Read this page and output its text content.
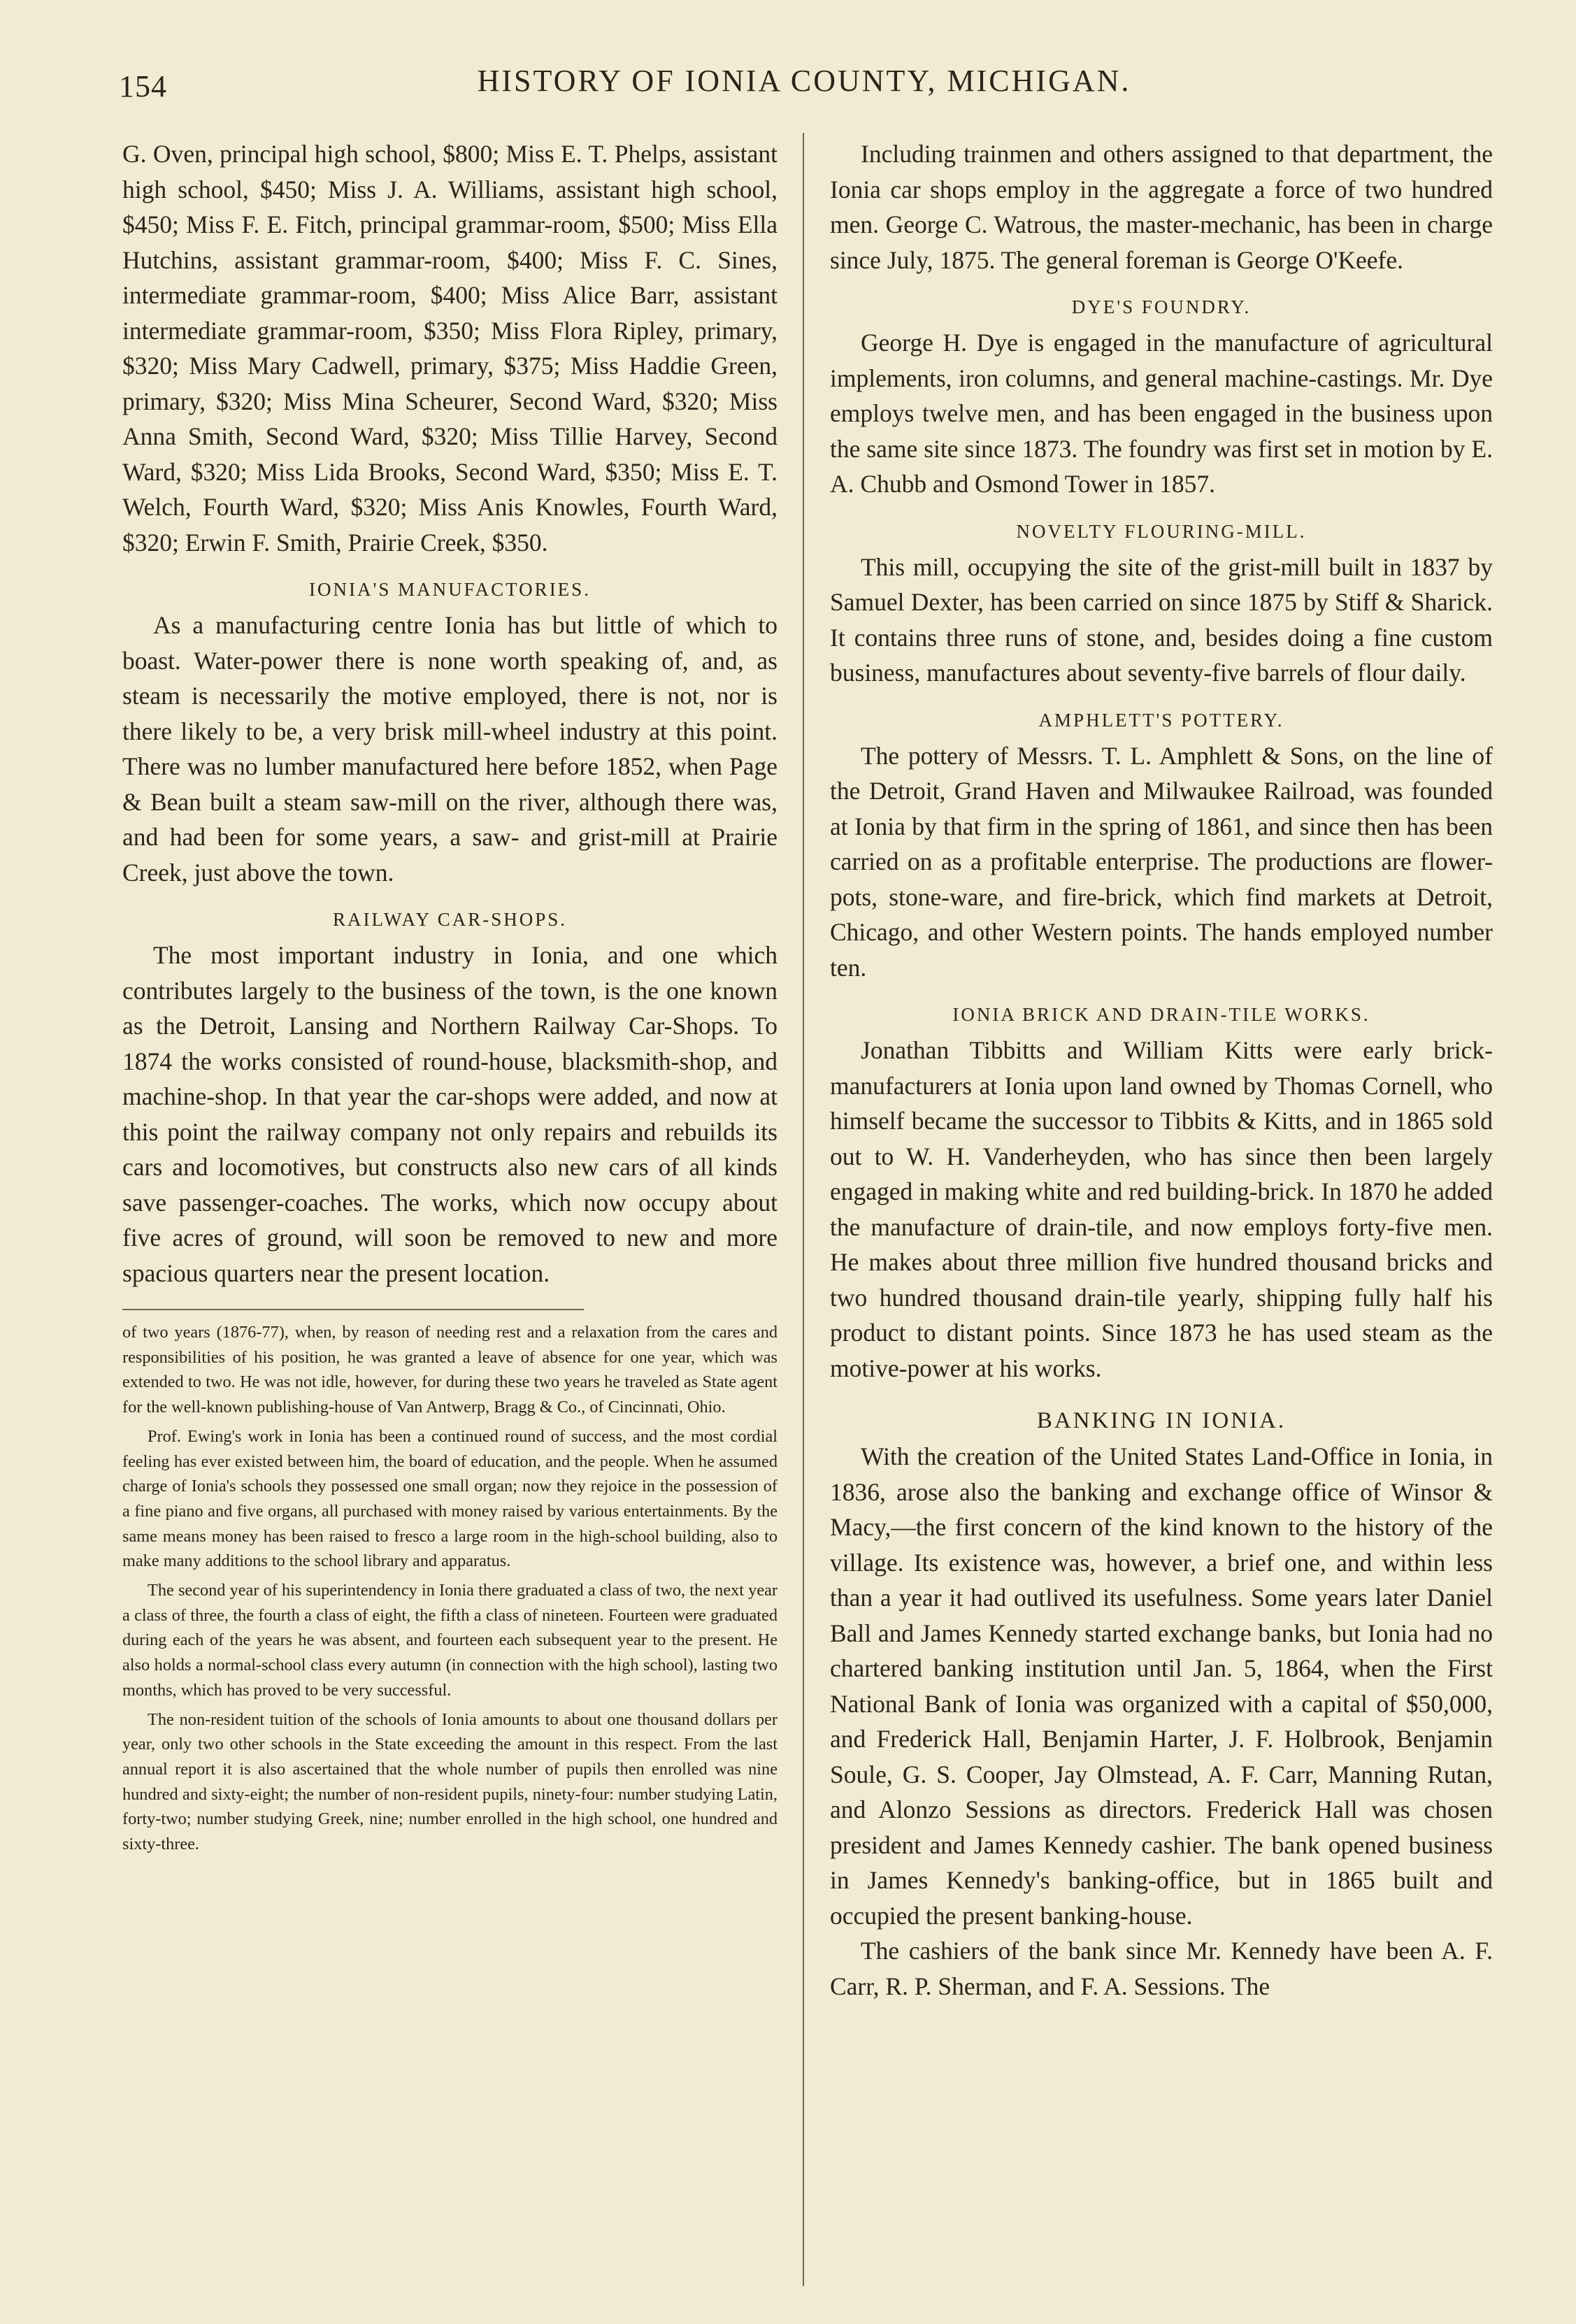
154	HISTORY OF IONIA COUNTY, MICHIGAN.

G. Oven, principal high school, $800; Miss E. T. Phelps, assistant high school, $450; Miss J. A. Williams, assistant high school, $450; Miss F. E. Fitch, principal grammar-room, $500; Miss Ella Hutchins, assistant grammar-room, $400; Miss F. C. Sines, intermediate grammar-room, $400; Miss Alice Barr, assistant intermediate grammar-room, $350; Miss Flora Ripley, primary, $320; Miss Mary Cadwell, primary, $375; Miss Haddie Green, primary, $320; Miss Mina Scheurer, Second Ward, $320; Miss Anna Smith, Second Ward, $320; Miss Tillie Harvey, Second Ward, $320; Miss Lida Brooks, Second Ward, $350; Miss E. T. Welch, Fourth Ward, $320; Miss Anis Knowles, Fourth Ward, $320; Erwin F. Smith, Prairie Creek, $350.

IONIA'S MANUFACTORIES.

As a manufacturing centre Ionia has but little of which to boast. Water-power there is none worth speaking of, and, as steam is necessarily the motive employed, there is not, nor is there likely to be, a very brisk mill-wheel industry at this point. There was no lumber manufactured here before 1852, when Page & Bean built a steam saw-mill on the river, although there was, and had been for some years, a saw- and grist-mill at Prairie Creek, just above the town.

RAILWAY CAR-SHOPS.

The most important industry in Ionia, and one which contributes largely to the business of the town, is the one known as the Detroit, Lansing and Northern Railway Car-Shops. To 1874 the works consisted of round-house, blacksmith-shop, and machine-shop. In that year the car-shops were added, and now at this point the railway company not only repairs and rebuilds its cars and locomotives, but constructs also new cars of all kinds save passenger-coaches. The works, which now occupy about five acres of ground, will soon be removed to new and more spacious quarters near the present location.

of two years (1876-77), when, by reason of needing rest and a relaxation from the cares and responsibilities of his position, he was granted a leave of absence for one year, which was extended to two. He was not idle, however, for during these two years he traveled as State agent for the well-known publishing-house of Van Antwerp, Bragg & Co., of Cincinnati, Ohio.

Prof. Ewing's work in Ionia has been a continued round of success, and the most cordial feeling has ever existed between him, the board of education, and the people. When he assumed charge of Ionia's schools they possessed one small organ; now they rejoice in the possession of a fine piano and five organs, all purchased with money raised by various entertainments. By the same means money has been raised to fresco a large room in the high-school building, also to make many additions to the school library and apparatus.

The second year of his superintendency in Ionia there graduated a class of two, the next year a class of three, the fourth a class of eight, the fifth a class of nineteen. Fourteen were graduated during each of the years he was absent, and fourteen each subsequent year to the present. He also holds a normal-school class every autumn (in connection with the high school), lasting two months, which has proved to be very successful.

The non-resident tuition of the schools of Ionia amounts to about one thousand dollars per year, only two other schools in the State exceeding the amount in this respect. From the last annual report it is also ascertained that the whole number of pupils then enrolled was nine hundred and sixty-eight; the number of non-resident pupils, ninety-four: number studying Latin, forty-two; number studying Greek, nine; number enrolled in the high school, one hundred and sixty-three.

Including trainmen and others assigned to that department, the Ionia car shops employ in the aggregate a force of two hundred men. George C. Watrous, the master-mechanic, has been in charge since July, 1875. The general foreman is George O'Keefe.

DYE'S FOUNDRY.

George H. Dye is engaged in the manufacture of agricultural implements, iron columns, and general machine-castings. Mr. Dye employs twelve men, and has been engaged in the business upon the same site since 1873. The foundry was first set in motion by E. A. Chubb and Osmond Tower in 1857.

NOVELTY FLOURING-MILL.

This mill, occupying the site of the grist-mill built in 1837 by Samuel Dexter, has been carried on since 1875 by Stiff & Sharick. It contains three runs of stone, and, besides doing a fine custom business, manufactures about seventy-five barrels of flour daily.

AMPHLETT'S POTTERY.

The pottery of Messrs. T. L. Amphlett & Sons, on the line of the Detroit, Grand Haven and Milwaukee Railroad, was founded at Ionia by that firm in the spring of 1861, and since then has been carried on as a profitable enterprise. The productions are flower-pots, stone-ware, and fire-brick, which find markets at Detroit, Chicago, and other Western points. The hands employed number ten.

IONIA BRICK AND DRAIN-TILE WORKS.

Jonathan Tibbitts and William Kitts were early brick-manufacturers at Ionia upon land owned by Thomas Cornell, who himself became the successor to Tibbits & Kitts, and in 1865 sold out to W. H. Vanderheyden, who has since then been largely engaged in making white and red building-brick. In 1870 he added the manufacture of drain-tile, and now employs forty-five men. He makes about three million five hundred thousand bricks and two hundred thousand drain-tile yearly, shipping fully half his product to distant points. Since 1873 he has used steam as the motive-power at his works.

BANKING IN IONIA.

With the creation of the United States Land-Office in Ionia, in 1836, arose also the banking and exchange office of Winsor & Macy,—the first concern of the kind known to the history of the village. Its existence was, however, a brief one, and within less than a year it had outlived its usefulness. Some years later Daniel Ball and James Kennedy started exchange banks, but Ionia had no chartered banking institution until Jan. 5, 1864, when the First National Bank of Ionia was organized with a capital of $50,000, and Frederick Hall, Benjamin Harter, J. F. Holbrook, Benjamin Soule, G. S. Cooper, Jay Olmstead, A. F. Carr, Manning Rutan, and Alonzo Sessions as directors. Frederick Hall was chosen president and James Kennedy cashier. The bank opened business in James Kennedy's banking-office, but in 1865 built and occupied the present banking-house.

The cashiers of the bank since Mr. Kennedy have been A. F. Carr, R. P. Sherman, and F. A. Sessions. The
